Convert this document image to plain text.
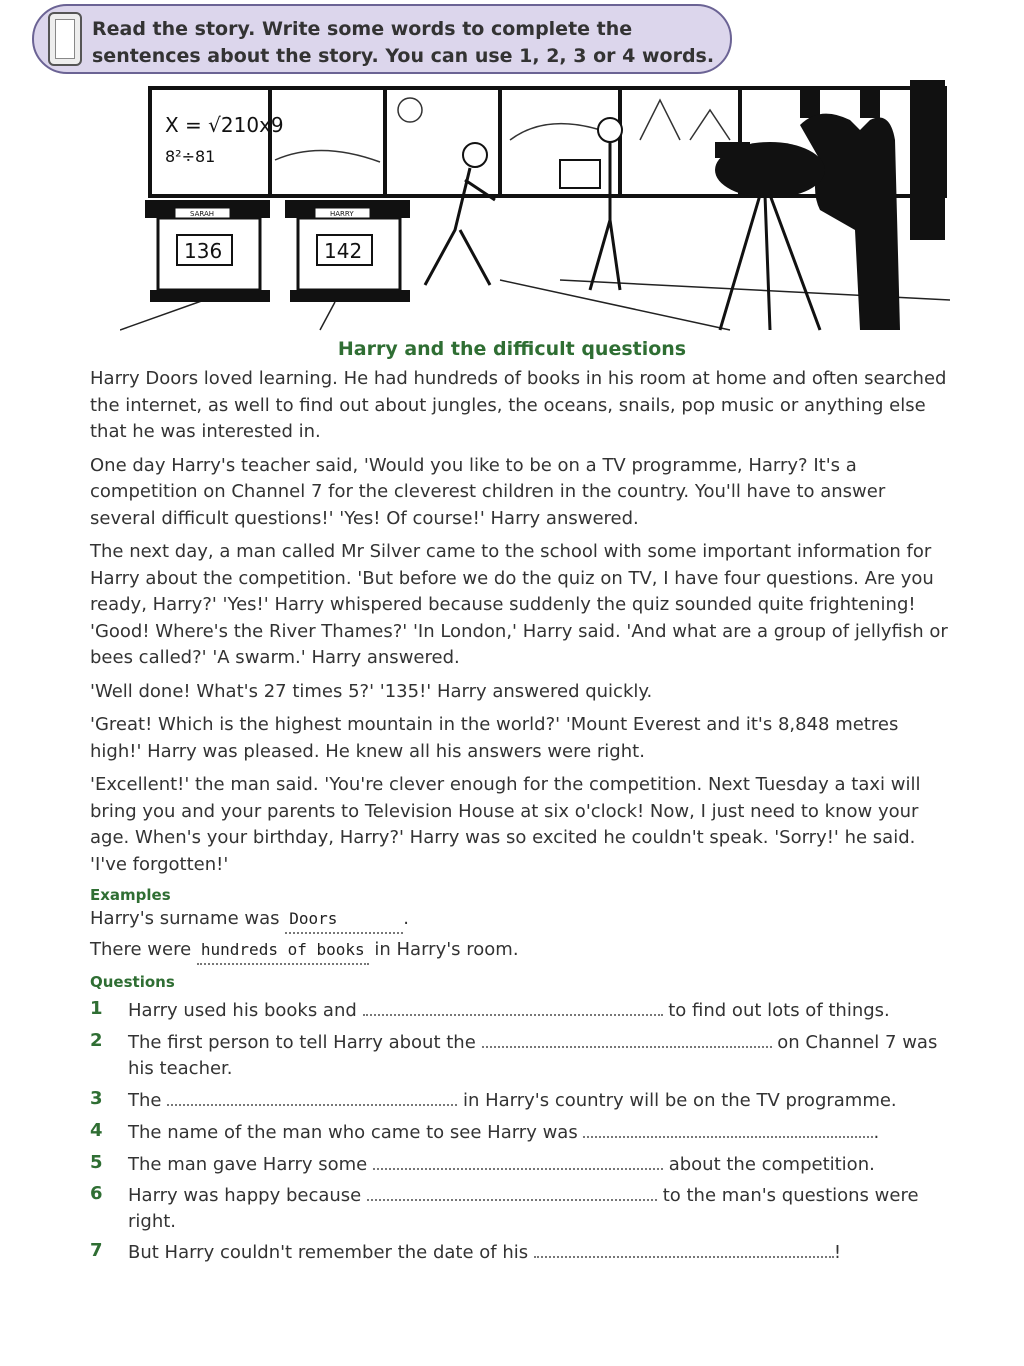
Read the story. Write some words to complete the sentences about the story. You can use 1, 2, 3 or 4 words.
X = √210x9
8²÷81
SARAH	HARRY
136	142
Harry and the difficult questions

Harry Doors loved learning. He had hundreds of books in his room at home and often searched the internet, as well to find out about jungles, the oceans, snails, pop music or anything else that he was interested in.

One day Harry's teacher said, 'Would you like to be on a TV programme, Harry? It's a competition on Channel 7 for the cleverest children in the country. You'll have to answer several difficult questions!' 'Yes! Of course!' Harry answered.

The next day, a man called Mr Silver came to the school with some important information for Harry about the competition. 'But before we do the quiz on TV, I have four questions. Are you ready, Harry?' 'Yes!' Harry whispered because suddenly the quiz sounded quite frightening! 'Good! Where's the River Thames?' 'In London,' Harry said. 'And what are a group of jellyfish or bees called?' 'A swarm.' Harry answered.

'Well done! What's 27 times 5?' '135!' Harry answered quickly.

'Great! Which is the highest mountain in the world?' 'Mount Everest and it's 8,848 metres high!' Harry was pleased. He knew all his answers were right.

'Excellent!' the man said. 'You're clever enough for the competition. Next Tuesday a taxi will bring you and your parents to Television House at six o'clock! Now, I just need to know your age. When's your birthday, Harry?' Harry was so excited he couldn't speak. 'Sorry!' he said. 'I've forgotten!'

Examples
Harry's surname was Doors	.
There were hundreds of books in Harry's room.
Questions
1 Harry used his books and	to find out lots of things.
2 The first person to tell Harry about the	on Channel 7 was his teacher.
3 The	in Harry's country will be on the TV programme.
4 The name of the man who came to see Harry was	.
5 The man gave Harry some	about the competition.
6 Harry was happy because	to the man's questions were right.
7 But Harry couldn't remember the date of his	!
